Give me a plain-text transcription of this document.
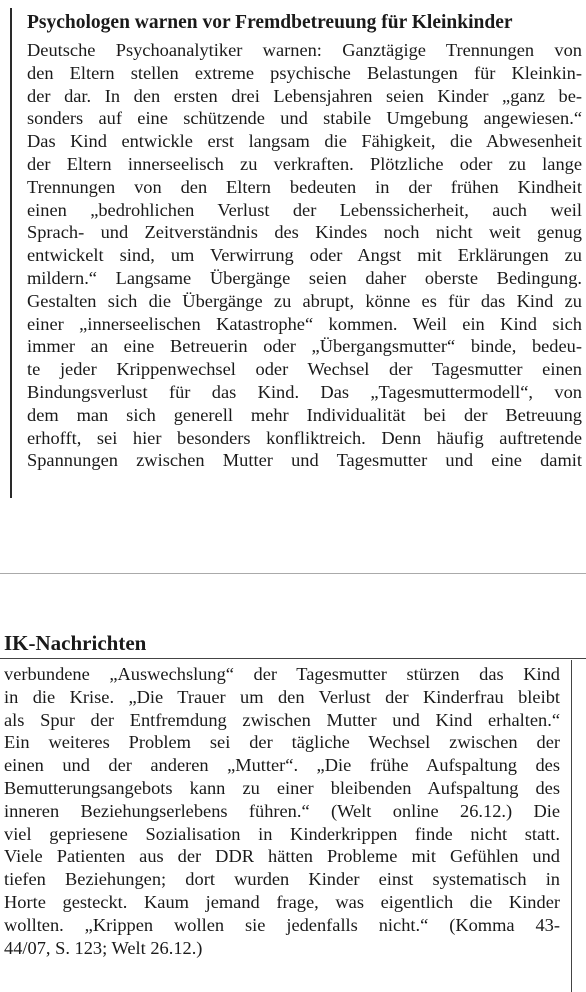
Psychologen warnen vor Fremdbetreuung für Kleinkinder
Deutsche Psychoanalytiker warnen: Ganztägige Trennungen von
den Eltern stellen extreme psychische Belastungen für Kleinkin-
der dar. In den ersten drei Lebensjahren seien Kinder „ganz be-
sonders auf eine schützende und stabile Umgebung angewiesen.“
Das Kind entwickle erst langsam die Fähigkeit, die Abwesenheit
der Eltern innerseelisch zu verkraften. Plötzliche oder zu lange
Trennungen von den Eltern bedeuten in der frühen Kindheit
einen „bedrohlichen Verlust der Lebenssicherheit, auch weil
Sprach- und Zeitverständnis des Kindes noch nicht weit genug
entwickelt sind, um Verwirrung oder Angst mit Erklärungen zu
mildern.“ Langsame Übergänge seien daher oberste Bedingung.
Gestalten sich die Übergänge zu abrupt, könne es für das Kind zu
einer „innerseelischen Katastrophe“ kommen. Weil ein Kind sich
immer an eine Betreuerin oder „Übergangsmutter“ binde, bedeu-
te jeder Krippenwechsel oder Wechsel der Tagesmutter einen
Bindungsverlust für das Kind. Das „Tagesmuttermodell“, von
dem man sich generell mehr Individualität bei der Betreuung
erhofft, sei hier besonders konfliktreich. Denn häufig auftretende
Spannungen zwischen Mutter und Tagesmutter und eine damit
IK-Nachrichten
verbundene „Auswechslung“ der Tagesmutter stürzen das Kind
in die Krise. „Die Trauer um den Verlust der Kinderfrau bleibt
als Spur der Entfremdung zwischen Mutter und Kind erhalten.“
Ein weiteres Problem sei der tägliche Wechsel zwischen der
einen und der anderen „Mutter“. „Die frühe Aufspaltung des
Bemutterungsangebots kann zu einer bleibenden Aufspaltung des
inneren Beziehungserlebens führen.“ (Welt online 26.12.) Die
viel gepriesene Sozialisation in Kinderkrippen finde nicht statt.
Viele Patienten aus der DDR hätten Probleme mit Gefühlen und
tiefen Beziehungen; dort wurden Kinder einst systematisch in
Horte gesteckt. Kaum jemand frage, was eigentlich die Kinder
wollten. „Krippen wollen sie jedenfalls nicht.“ (Komma 43-
44/07, S. 123; Welt 26.12.)
